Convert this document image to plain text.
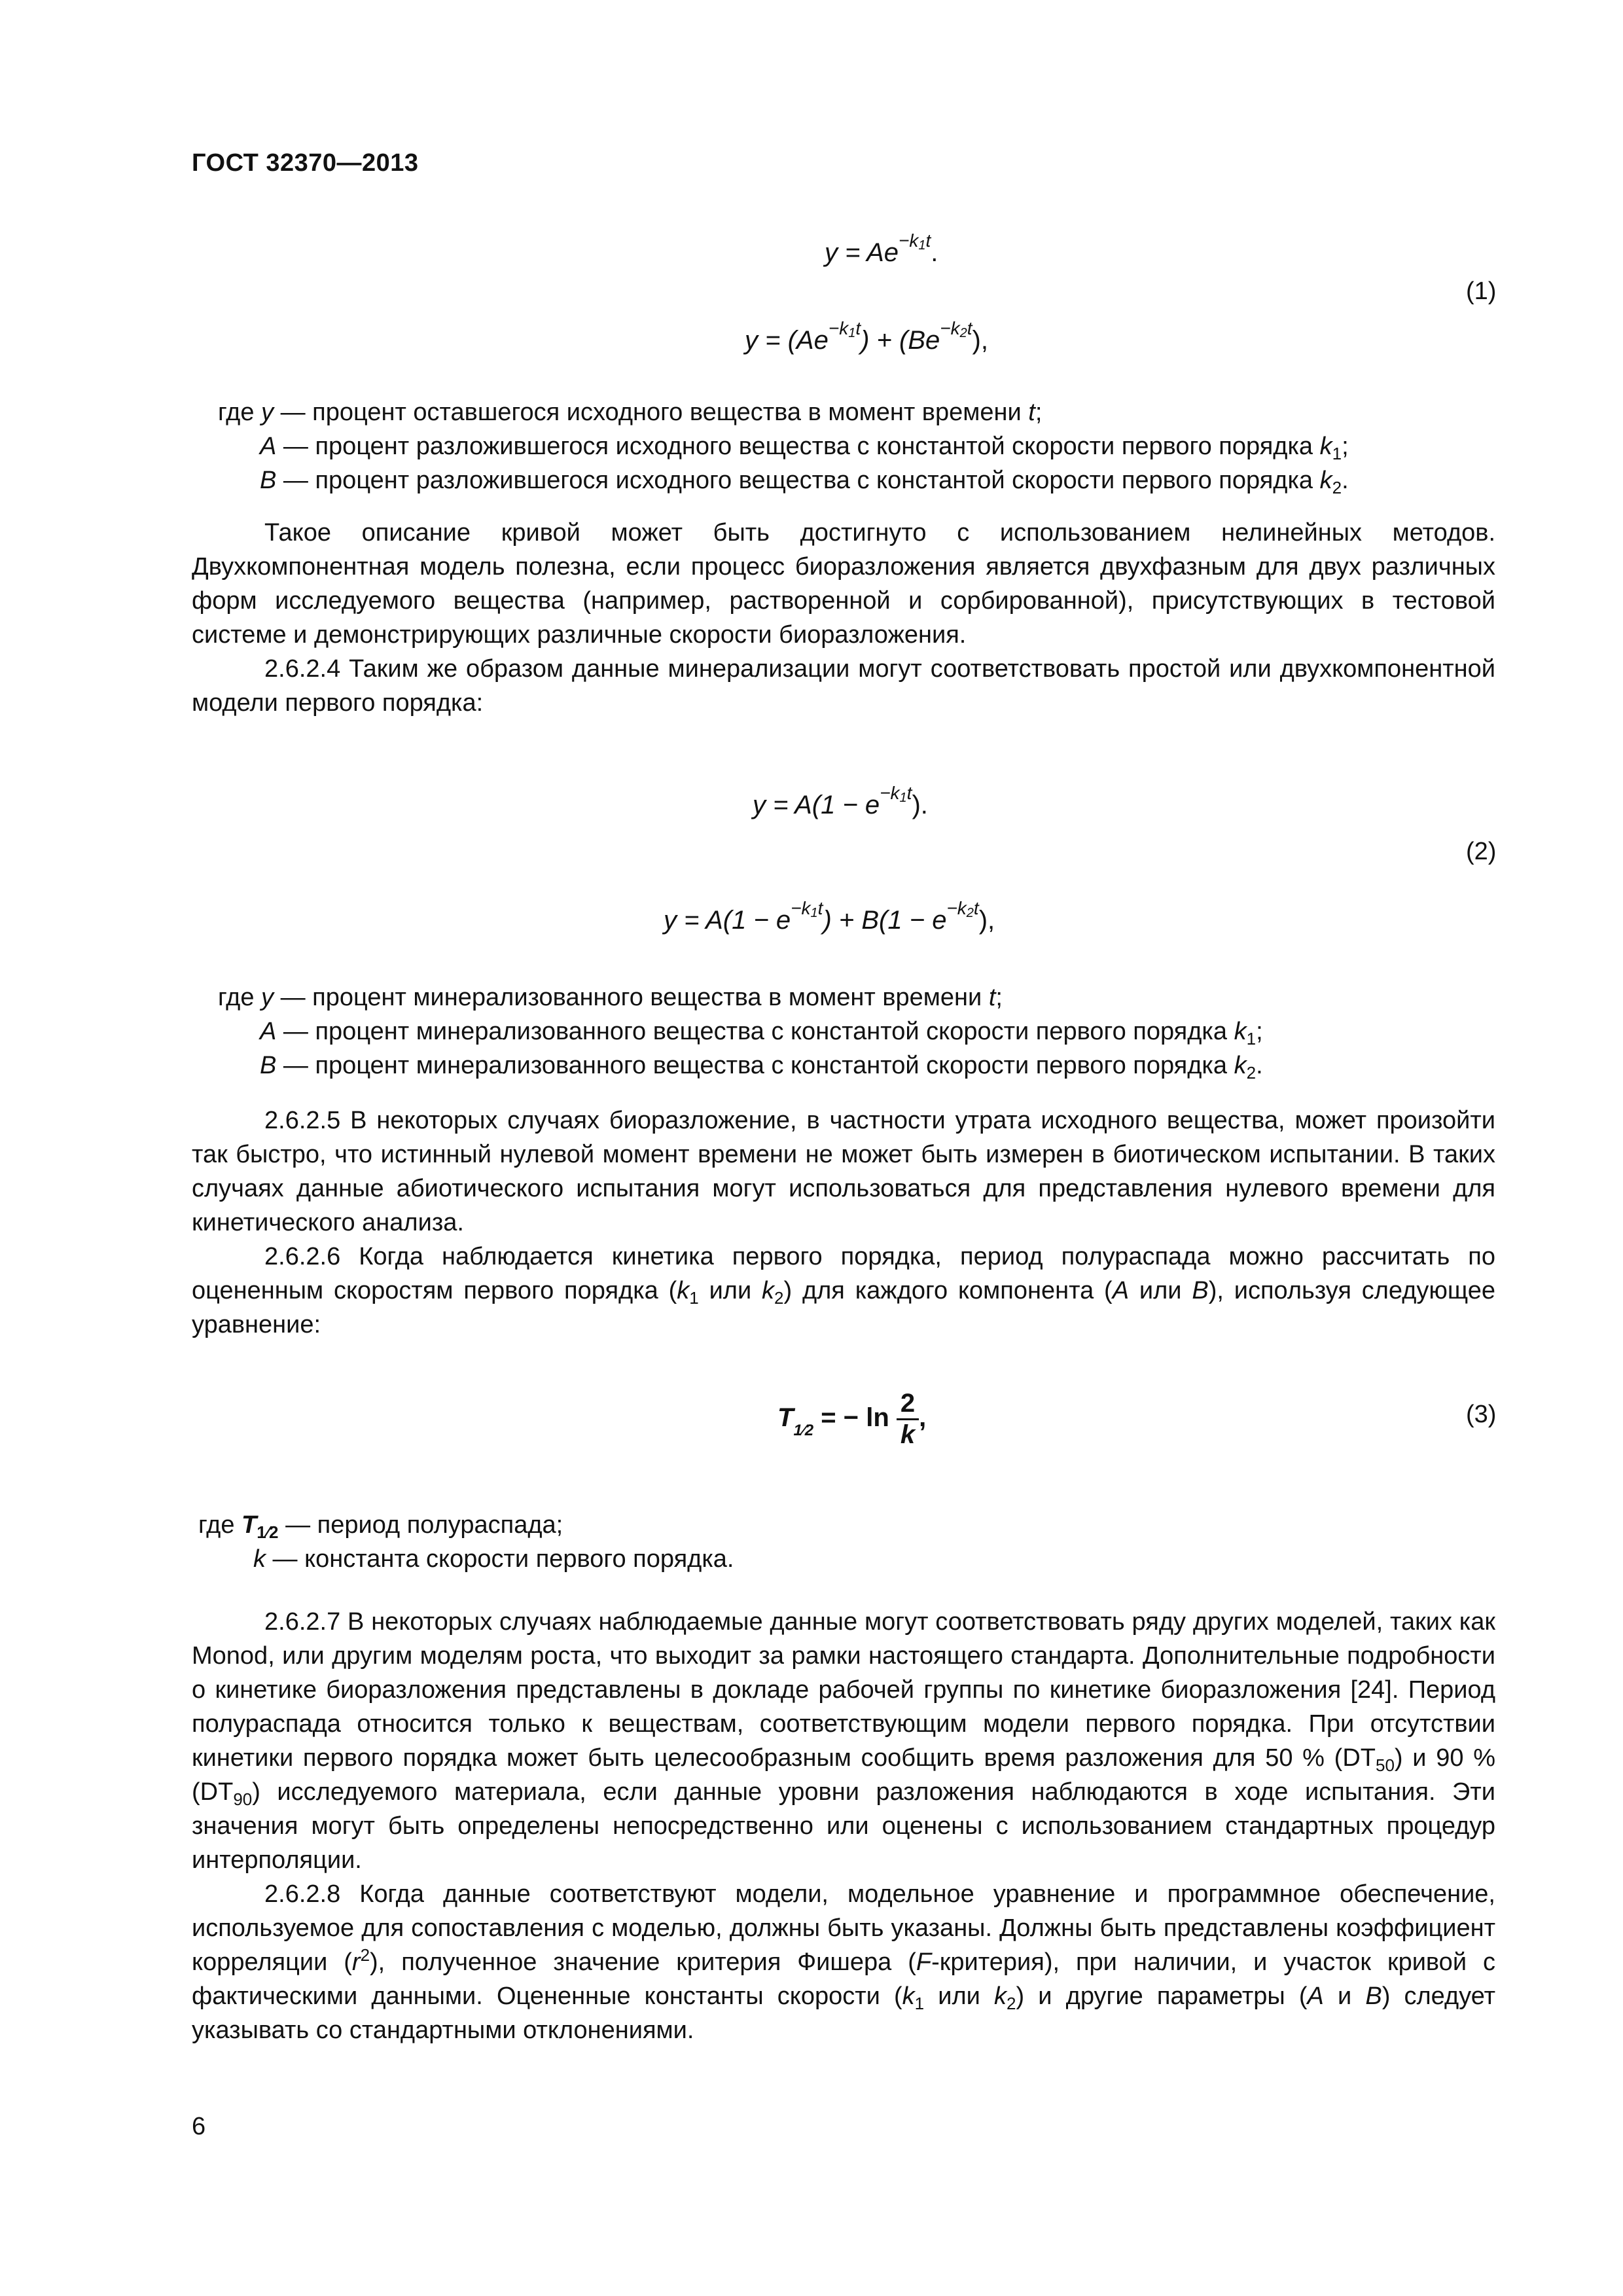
ГОСТ 32370—2013
$y = Ae^{-k1t}$.
(1)
$y = (Ae^{-k1t}) + (Be^{-k2t})$,

где y — процент оставшегося исходного вещества в момент времени t;

A — процент разложившегося исходного вещества с константой скорости первого порядка $k_1$;

B — процент разложившегося исходного вещества с константой скорости первого порядка $k_2$.

Такое описание кривой может быть достигнуто с использованием нелинейных методов. Двухкомпонентная модель полезна, если процесс биоразложения является двухфазным для двух различных форм исследуемого вещества (например, растворенной и сорбированной), присутствующих в тестовой системе и демонстрирующих различные скорости биоразложения.

2.6.2.4 Таким же образом данные минерализации могут соответствовать простой или двухкомпонентной модели первого порядка:

$y = A(1 - e^{-k1t})$.
(2)
$y = A(1 - e^{-k1t}) + B(1 - e^{-k2t})$,

где y — процент минерализованного вещества в момент времени t;

A — процент минерализованного вещества с константой скорости первого порядка $k_1$;

B — процент минерализованного вещества с константой скорости первого порядка $k_2$.

2.6.2.5 В некоторых случаях биоразложение, в частности утрата исходного вещества, может произойти так быстро, что истинный нулевой момент времени не может быть измерен в биотическом испытании. В таких случаях данные абиотического испытания могут использоваться для представления нулевого времени для кинетического анализа.

2.6.2.6 Когда наблюдается кинетика первого порядка, период полураспада можно рассчитать по оцененным скоростям первого порядка ($k_1$ или $k_2$) для каждого компонента (A или B), используя следующее уравнение:

$T_{1⁄2}$ = − $\ln \frac{2}{k}$ ,	(3)

где $T_{1⁄2}$ — период полураспада;

k — константа скорости первого порядка.

2.6.2.7 В некоторых случаях наблюдаемые данные могут соответствовать ряду других моделей, таких как Monod, или другим моделям роста, что выходит за рамки настоящего стандарта. Дополнительные подробности о кинетике биоразложения представлены в докладе рабочей группы по кинетике биоразложения [24]. Период полураспада относится только к веществам, соответствующим модели первого порядка. При отсутствии кинетики первого порядка может быть целесообразным сообщить время разложения для 50 % $(DT_{50})$ и 90 % $(DT_{90})$ исследуемого материала, если данные уровни разложения наблюдаются в ходе испытания. Эти значения могут быть определены непосредственно или оценены с использованием стандартных процедур интерполяции.

2.6.2.8 Когда данные соответствуют модели, модельное уравнение и программное обеспечение, используемое для сопоставления с моделью, должны быть указаны. Должны быть представлены коэффициент корреляции $(r^2)$, полученное значение критерия Фишера (F-критерия), при наличии, и участок кривой с фактическими данными. Оцененные константы скорости ($k_1$ или $k_2$) и другие параметры (A и B) следует указывать со стандартными отклонениями.

6
